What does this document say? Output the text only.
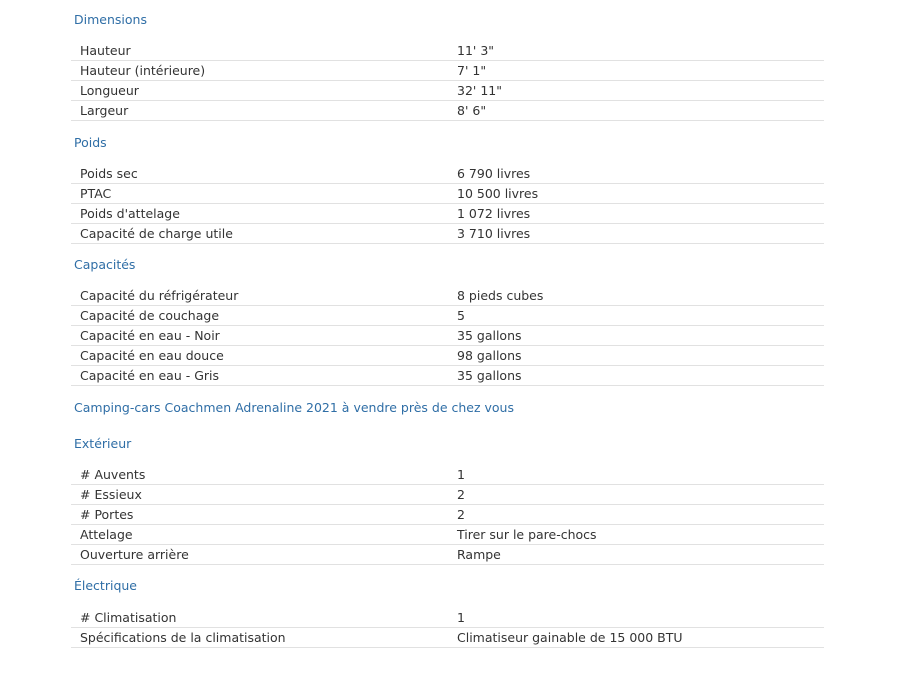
Dimensions
Hauteur	11' 3"
Hauteur (intérieure)	7' 1"
Longueur	32' 11"
Largeur	8' 6"
Poids
Poids sec	6 790 livres
PTAC	10 500 livres
Poids d'attelage	1 072 livres
Capacité de charge utile	3 710 livres
Capacités
Capacité du réfrigérateur	8 pieds cubes
Capacité de couchage	5
Capacité en eau - Noir	35 gallons
Capacité en eau douce	98 gallons
Capacité en eau - Gris	35 gallons
Camping-cars Coachmen Adrenaline 2021 à vendre près de chez vous
Extérieur
# Auvents	1
# Essieux	2
# Portes	2
Attelage	Tirer sur le pare-chocs
Ouverture arrière	Rampe
Électrique
# Climatisation	1
Spécifications de la climatisation	Climatiseur gainable de 15 000 BTU
